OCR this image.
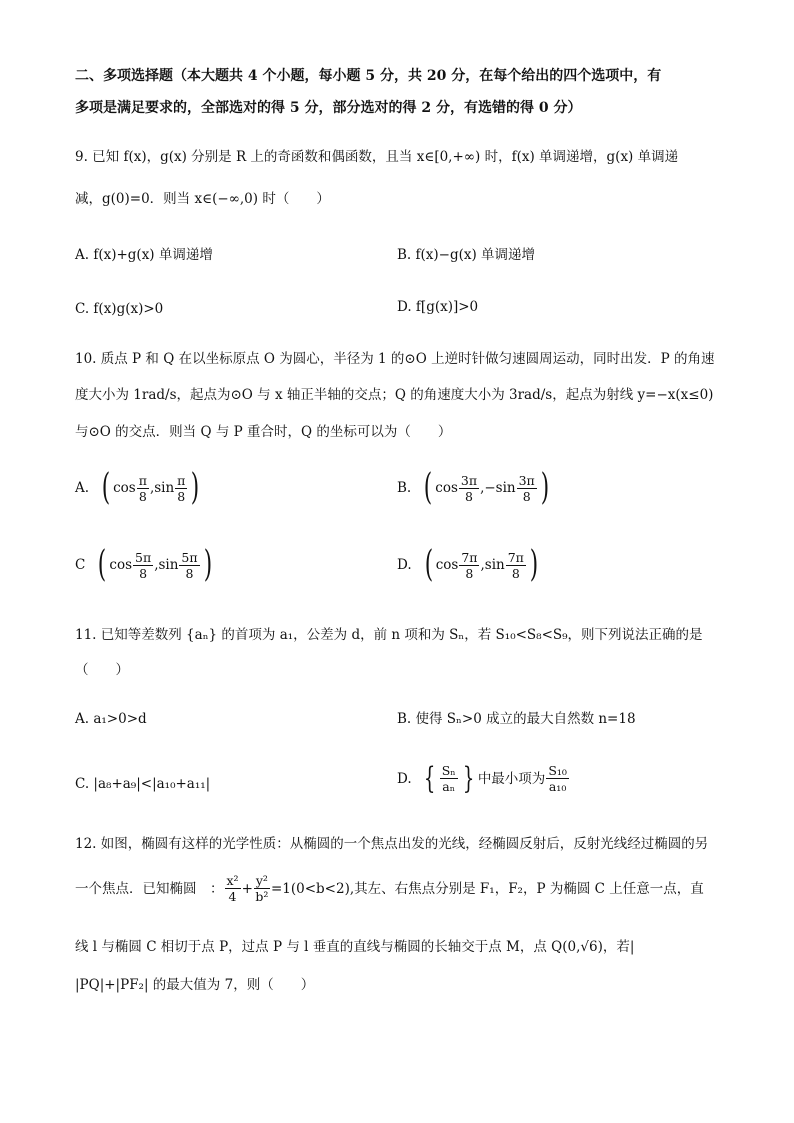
二、多项选择题（本大题共 4 个小题，每小题 5 分，共 20 分，在每个给出的四个选项中，有
多项是满足要求的，全部选对的得 5 分，部分选对的得 2 分，有选错的得 0 分）
9. 已知 f(x)，g(x) 分别是 R 上的奇函数和偶函数，且当 x∈[0,+∞) 时，f(x) 单调递增，g(x) 单调递
减，g(0)=0．则当 x∈(−∞,0) 时（　　）
A. f(x)+g(x) 单调递增	B. f(x)−g(x) 单调递增
C. f(x)g(x)>0	D. f[g(x)]>0
10. 质点 P 和 Q 在以坐标原点 O 为圆心，半径为 1 的⊙O 上逆时针做匀速圆周运动，同时出发．P 的角速
度大小为 1rad/s，起点为⊙O 与 x 轴正半轴的交点；Q 的角速度大小为 3rad/s，起点为射线 y=−x(x≤0)
与⊙O 的交点．则当 Q 与 P 重合时，Q 的坐标可以为（　　）
A. ( $\cos \frac{\pi}{8} ,\sin \frac{\pi}{8}$ )	B. ( $\cos \frac{3\pi}{8} ,-\sin \frac{3\pi}{8}$ )
C ( $\cos \frac{5\pi}{8} ,\sin \frac{5\pi}{8}$ )	D. ( $\cos \frac{7\pi}{8} ,\sin \frac{7\pi}{8}$ )
11. 已知等差数列 {aₙ} 的首项为 a₁，公差为 d，前 n 项和为 Sₙ，若 S₁₀<S₈<S₉，则下列说法正确的是
（　　）
A. a₁>0>d	B. 使得 Sₙ>0 成立的最大自然数 n=18
C. |a₈+a₉|<|a₁₀+a₁₁|	D. { $\frac{\text{Sₙ}}{\text{aₙ}}$ } 中最小项为 $\frac{\text{S₁₀}}{\text{a₁₀}}$
12. 如图，椭圆有这样的光学性质：从椭圆的一个焦点出发的光线，经椭圆反射后，反射光线经过椭圆的另
一个焦点．已知椭圆　： $\frac{\text{x²}}{4} + \frac{\text{y²}}{\text{b²}} =1(0<b<2)$,其左、右焦点分别是 F₁，F₂，P 为椭圆 C 上任意一点，直
线 l 与椭圆 C 相切于点 P，过点 P 与 l 垂直的直线与椭圆的长轴交于点 M，点 Q(0,√6)，若|
|PQ|+|PF₂| 的最大值为 7，则（　　）
